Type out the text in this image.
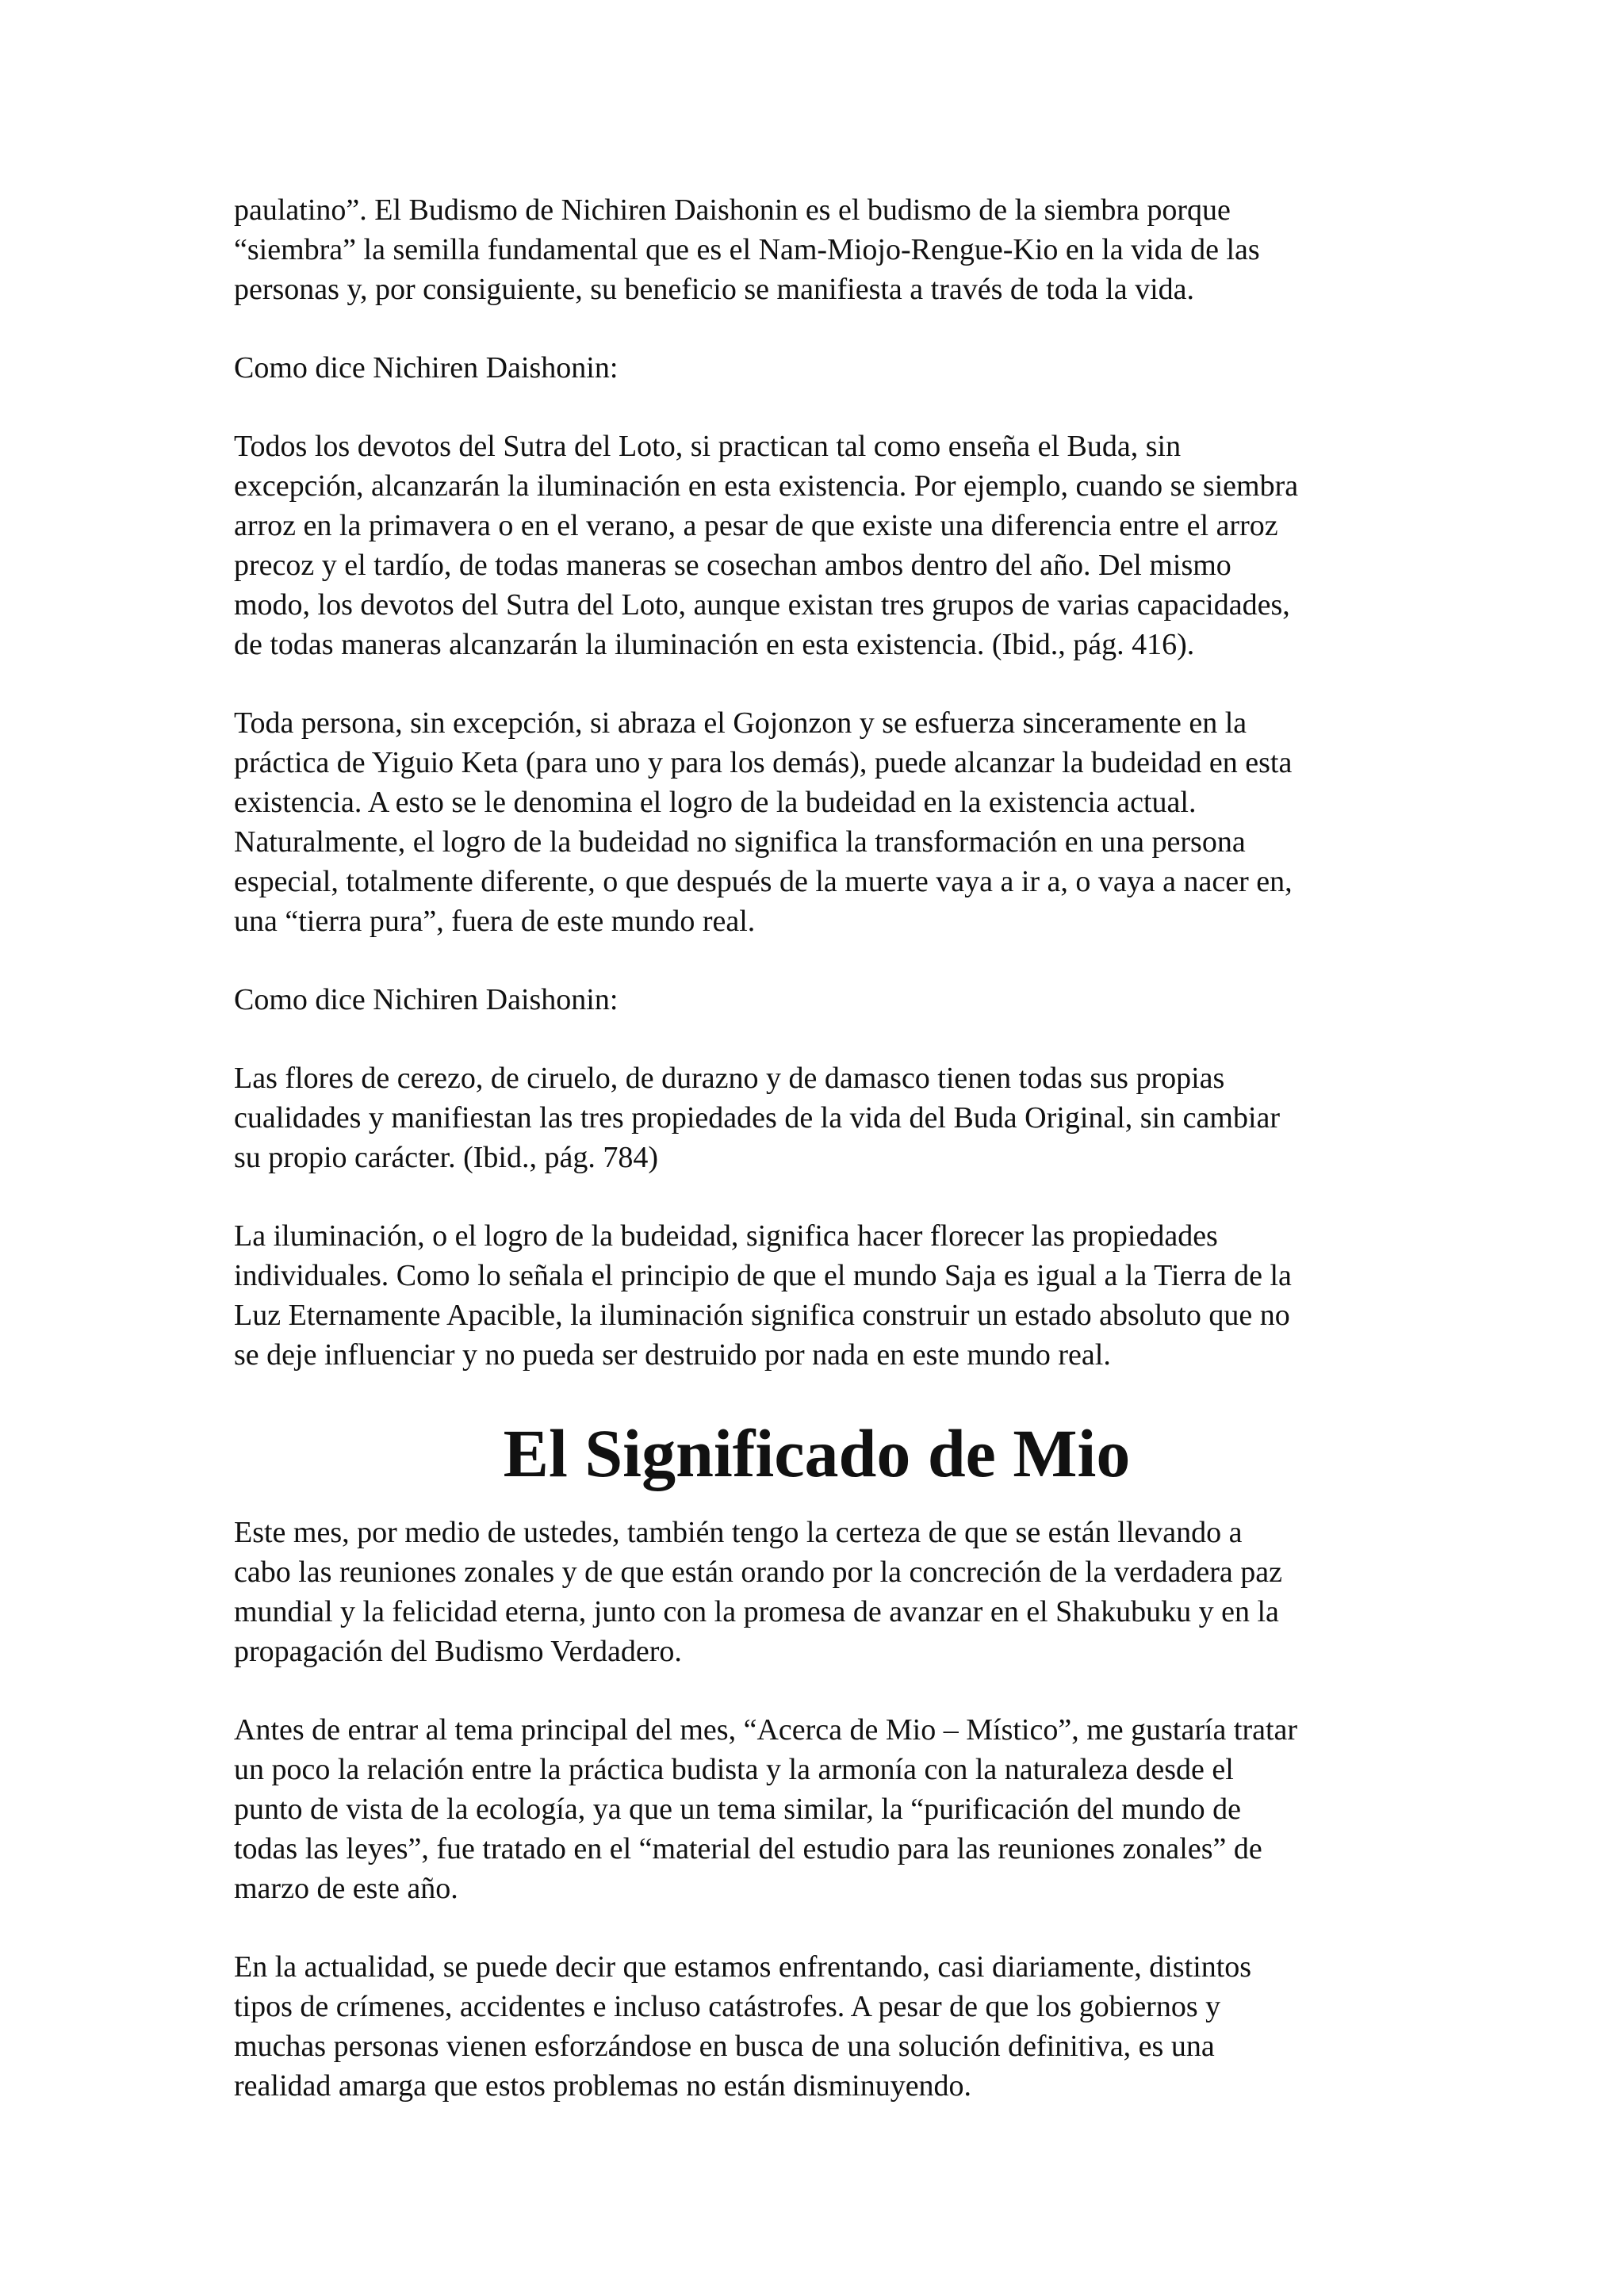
paulatino”. El Budismo de Nichiren Daishonin es el budismo de la siembra porque
“siembra” la semilla fundamental que es el Nam-Miojo-Rengue-Kio en la vida de las
personas y, por consiguiente, su beneficio se manifiesta a través de toda la vida.

Como dice Nichiren Daishonin:

Todos los devotos del Sutra del Loto, si practican tal como enseña el Buda, sin
excepción, alcanzarán la iluminación en esta existencia. Por ejemplo, cuando se siembra
arroz en la primavera o en el verano, a pesar de que existe una diferencia entre el arroz
precoz y el tardío, de todas maneras se cosechan ambos dentro del año. Del mismo
modo, los devotos del Sutra del Loto, aunque existan tres grupos de varias capacidades,
de todas maneras alcanzarán la iluminación en esta existencia. (Ibid., pág. 416).

Toda persona, sin excepción, si abraza el Gojonzon y se esfuerza sinceramente en la
práctica de Yiguio Keta (para uno y para los demás), puede alcanzar la budeidad en esta
existencia. A esto se le denomina el logro de la budeidad en la existencia actual.
Naturalmente, el logro de la budeidad no significa la transformación en una persona
especial, totalmente diferente, o que después de la muerte vaya a ir a, o vaya a nacer en,
una “tierra pura”, fuera de este mundo real.

Como dice Nichiren Daishonin:

Las flores de cerezo, de ciruelo, de durazno y de damasco tienen todas sus propias
cualidades y manifiestan las tres propiedades de la vida del Buda Original, sin cambiar
su propio carácter. (Ibid., pág. 784)

La iluminación, o el logro de la budeidad, significa hacer florecer las propiedades
individuales. Como lo señala el principio de que el mundo Saja es igual a la Tierra de la
Luz Eternamente Apacible, la iluminación significa construir un estado absoluto que no
se deje influenciar y no pueda ser destruido por nada en este mundo real.

El Significado de Mio

Este mes, por medio de ustedes, también tengo la certeza de que se están llevando a
cabo las reuniones zonales y de que están orando por la concreción de la verdadera paz
mundial y la felicidad eterna, junto con la promesa de avanzar en el Shakubuku y en la
propagación del Budismo Verdadero.

Antes de entrar al tema principal del mes, “Acerca de Mio – Místico”, me gustaría tratar
un poco la relación entre la práctica budista y la armonía con la naturaleza desde el
punto de vista de la ecología, ya que un tema similar, la “purificación del mundo de
todas las leyes”, fue tratado en el “material del estudio para las reuniones zonales” de
marzo de este año.

En la actualidad, se puede decir que estamos enfrentando, casi diariamente, distintos
tipos de crímenes, accidentes e incluso catástrofes. A pesar de que los gobiernos y
muchas personas vienen esforzándose en busca de una solución definitiva, es una
realidad amarga que estos problemas no están disminuyendo.
